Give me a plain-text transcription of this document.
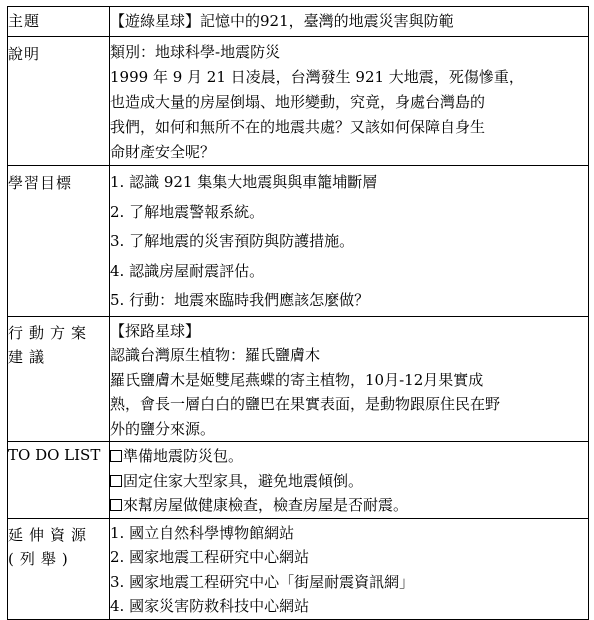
主題	【遊綠星球】記憶中的921，臺灣的地震災害與防範
說明	類別：地球科學-地震防災
1999 年 9 月 21 日凌晨，台灣發生 921 大地震，死傷慘重，
也造成大量的房屋倒塌、地形變動，究竟，身處台灣島的
我們，如何和無所不在的地震共處？又該如何保障自身生
命財產安全呢？

學習目標	1. 認識 921 集集大地震與與車籠埔斷層
2. 了解地震警報系統。
3. 了解地震的災害預防與防護措施。
4. 認識房屋耐震評估。
5. 行動：地震來臨時我們應該怎麼做？

行動方案
建議	【探路星球】
認識台灣原生植物：羅氏鹽膚木
羅氏鹽膚木是姬雙尾燕蝶的寄主植物，10月-12月果實成
熟，會長一層白白的鹽巴在果實表面，是動物跟原住民在野
外的鹽分來源。

TO DO LIST	準備地震防災包。
固定住家大型家具，避免地震傾倒。
來幫房屋做健康檢查，檢查房屋是否耐震。

延伸資源
(列舉)	1. 國立自然科學博物館網站
2. 國家地震工程研究中心網站
3. 國家地震工程研究中心「街屋耐震資訊網」
4. 國家災害防救科技中心網站
